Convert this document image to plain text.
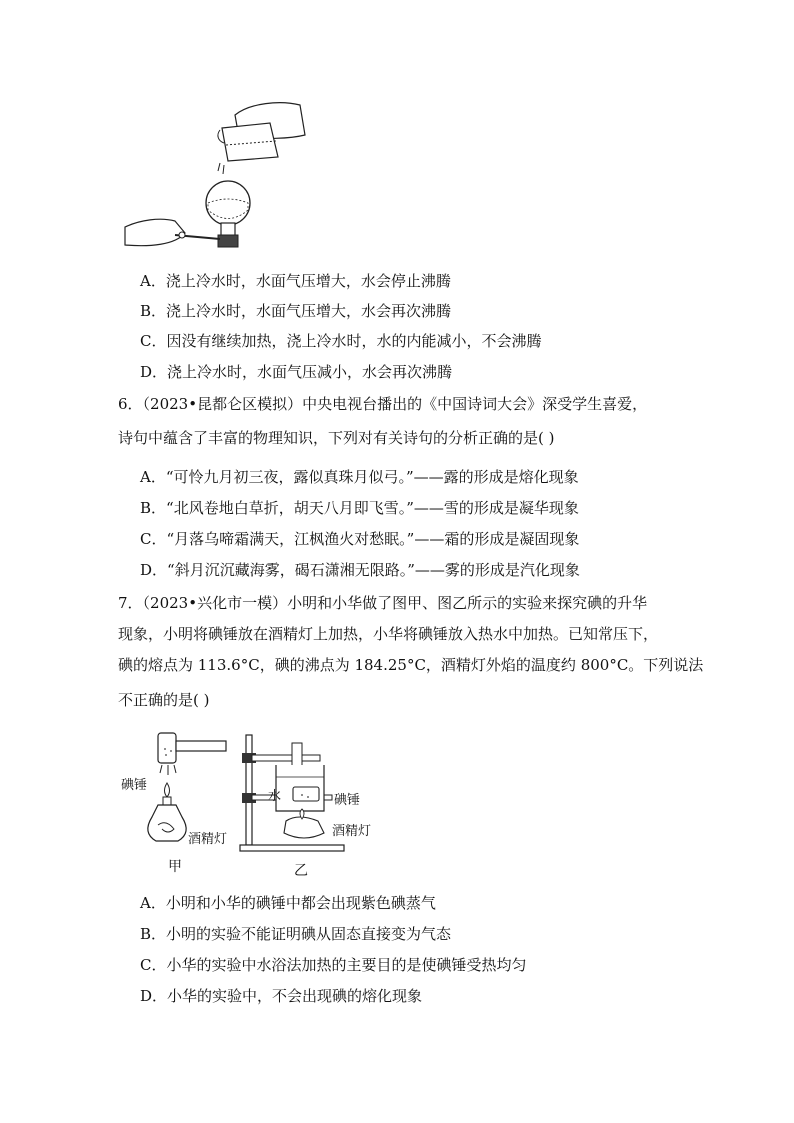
A．浇上冷水时，水面气压增大，水会停止沸腾
B．浇上冷水时，水面气压增大，水会再次沸腾
C．因没有继续加热，浇上冷水时，水的内能减小，不会沸腾
D．浇上冷水时，水面气压减小，水会再次沸腾
6．（2023•昆都仑区模拟）中央电视台播出的《中国诗词大会》深受学生喜爱，
诗句中蕴含了丰富的物理知识，下列对有关诗句的分析正确的是( )
A．“可怜九月初三夜，露似真珠月似弓。”——露的形成是熔化现象
B．“北风卷地白草折，胡天八月即飞雪。”——雪的形成是凝华现象
C．“月落乌啼霜满天，江枫渔火对愁眠。”——霜的形成是凝固现象
D．“斜月沉沉藏海雾，碣石潇湘无限路。”——雾的形成是汽化现象
7．（2023•兴化市一模）小明和小华做了图甲、图乙所示的实验来探究碘的升华
现象，小明将碘锤放在酒精灯上加热，小华将碘锤放入热水中加热。已知常压下，
碘的熔点为 113.6°C，碘的沸点为 184.25°C，酒精灯外焰的温度约 800°C。下列说法
不正确的是( )
碘锤
酒精灯
甲
水	碘锤
酒精灯
乙
A．小明和小华的碘锤中都会出现紫色碘蒸气
B．小明的实验不能证明碘从固态直接变为气态
C．小华的实验中水浴法加热的主要目的是使碘锤受热均匀
D．小华的实验中，不会出现碘的熔化现象
